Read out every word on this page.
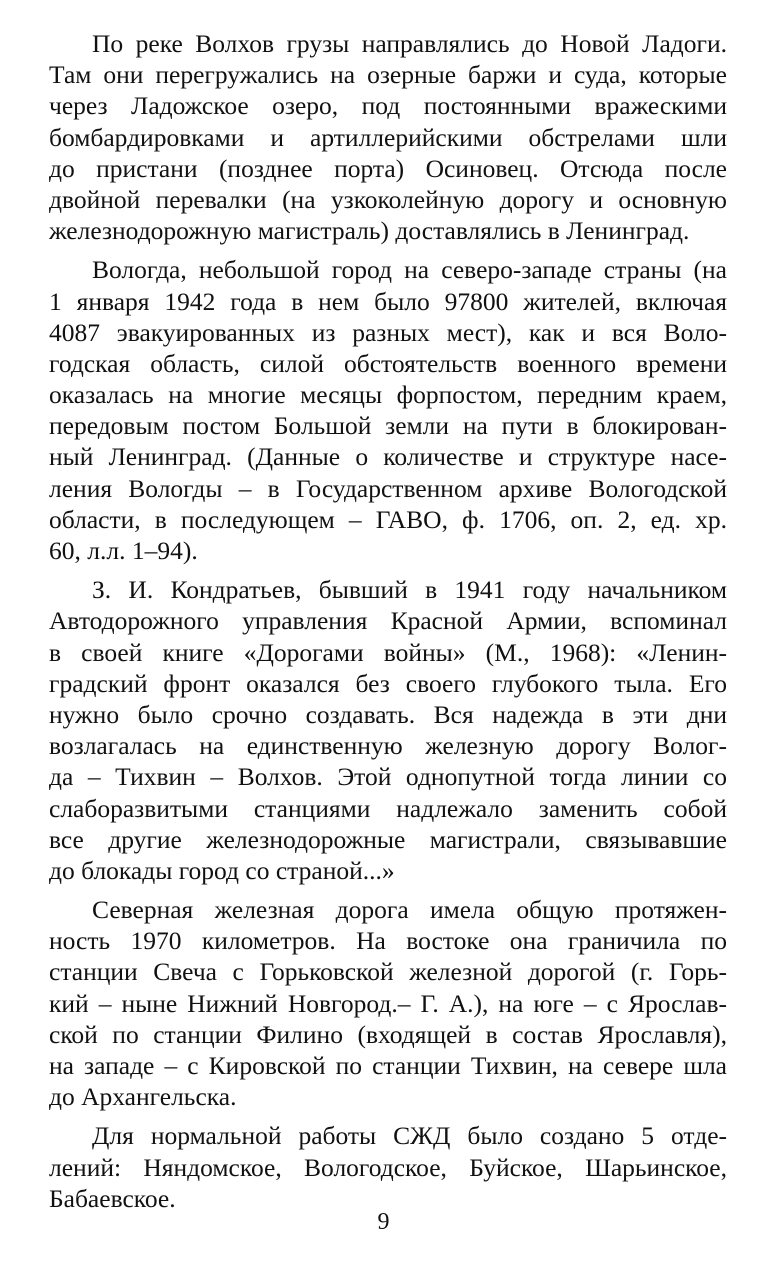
По реке Волхов грузы направлялись до Новой Ладоги.
Там они перегружались на озерные баржи и суда, которые
через Ладожское озеро, под постоянными вражескими
бомбардировками и артиллерийскими обстрелами шли
до пристани (позднее порта) Осиновец. Отсюда после
двойной перевалки (на узкоколейную дорогу и основную
железнодорожную магистраль) доставлялись в Ленинград.
Вологда, небольшой город на северо-западе страны (на
1 января 1942 года в нем было 97800 жителей, включая
4087 эвакуированных из разных мест), как и вся Воло-
годская область, силой обстоятельств военного времени
оказалась на многие месяцы форпостом, передним краем,
передовым постом Большой земли на пути в блокирован-
ный Ленинград. (Данные о количестве и структуре насе-
ления Вологды – в Государственном архиве Вологодской
области, в последующем – ГАВО, ф. 1706, оп. 2, ед. хр.
60, л.л. 1–94).
З. И. Кондратьев, бывший в 1941 году начальником
Автодорожного управления Красной Армии, вспоминал
в своей книге «Дорогами войны» (М., 1968): «Ленин-
градский фронт оказался без своего глубокого тыла. Его
нужно было срочно создавать. Вся надежда в эти дни
возлагалась на единственную железную дорогу Волог-
да – Тихвин – Волхов. Этой однопутной тогда линии со
слаборазвитыми станциями надлежало заменить собой
все другие железнодорожные магистрали, связывавшие
до блокады город со страной...»
Северная железная дорога имела общую протяжен-
ность 1970 километров. На востоке она граничила по
станции Свеча с Горьковской железной дорогой (г. Горь-
кий – ныне Нижний Новгород.– Г. А.), на юге – с Ярослав-
ской по станции Филино (входящей в состав Ярославля),
на западе – с Кировской по станции Тихвин, на севере шла
до Архангельска.
Для нормальной работы СЖД было создано 5 отде-
лений: Няндомское, Вологодское, Буйское, Шарьинское,
Бабаевское.
9
